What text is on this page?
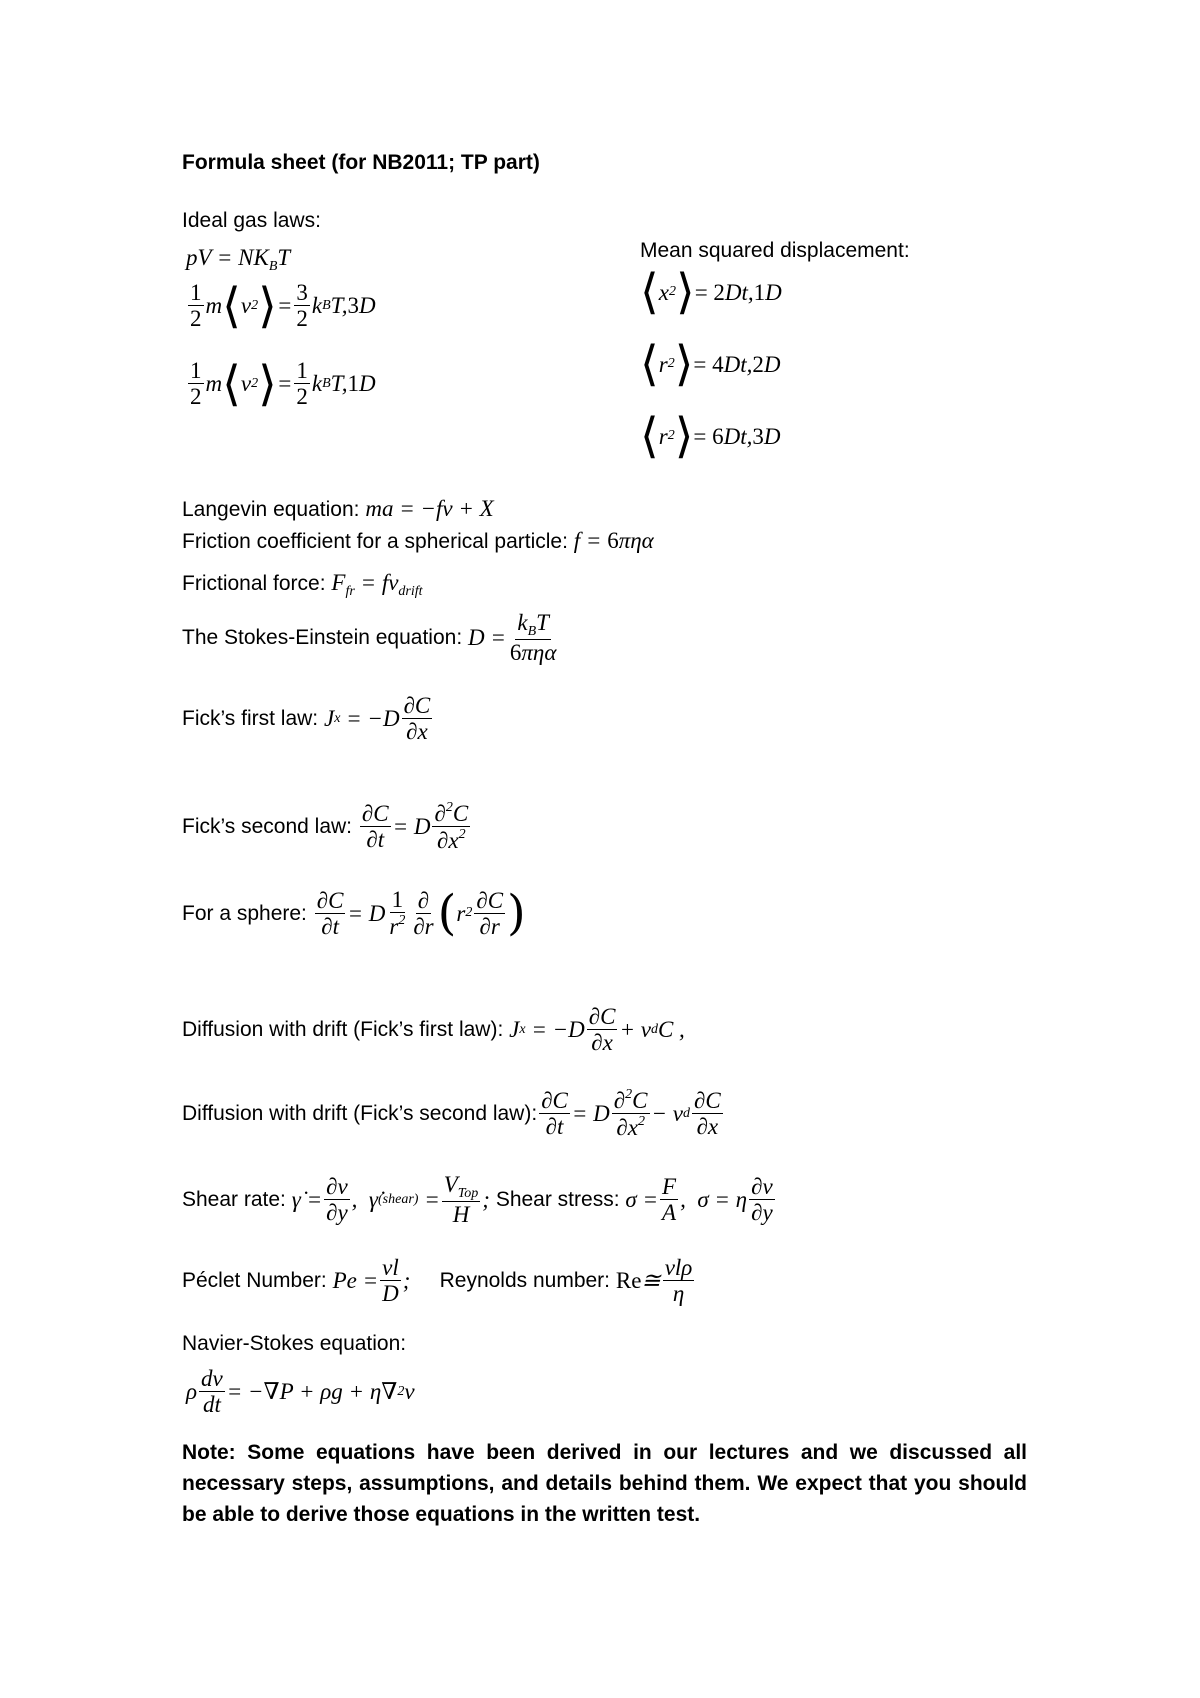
Formula sheet (for NB2011; TP part)
Ideal gas laws:
pV = $NK_BT$
$\frac{1}{2}$ m ⟨ v 2 ⟩ = $\frac{3}{2}$ k B T, 3 D
$\frac{1}{2}$ m ⟨ v 2 ⟩ = $\frac{1}{2}$ k B T, 1 D
Mean squared displacement:
⟨ x 2 ⟩ = 2 Dt, 1 D
⟨ r 2 ⟩ = 4 Dt, 2 D
⟨ r 2 ⟩ = 6 Dt, 3 D
Langevin equation: ma = −fv + X
Friction coefficient for a spherical particle: f = 6πηα
Frictional force: $F_{fr} = fv_{drift}$
The Stokes-Einstein equation:
$D = \frac{k_BT}{\text{6πηα}}$
Fick’s first law:
J $x = -D \frac{\partial C}{\partial x}$
Fick’s second law:
$\frac{\partial C}{\partial t} = D \frac{\partial^2C}{\partial x^2}$
For a sphere:
$\frac{\partial C}{\partial t} = D \frac{1}{r^2} \frac{\partial}{\partial r}$ ( r $2 \frac{\partial C}{\partial r}$ )
Diffusion with drift (Fick’s first law):
J $x = -D \frac{\partial C}{\partial x} + v$ d C ,
Diffusion with drift (Fick’s second law): $\frac{\partial C}{\partial t} = D \frac{\partial^2C}{\partial x^2} - v$ d $\frac{\partial C}{\partial x}$
Shear rate:
γ̇ = $\frac{\partial v}{\partial y}$ ,  γ̇ (shear) = $\frac{V_{Top}}{H}$ ;
Shear stress:
$\sigma = \frac{F}{A}$ ,  σ = η $\frac{\partial v}{\partial y}$
Péclet Number:
$Pe = \frac{vl}{D}$ ;
Reynolds number:
Re ≅ $\frac{\text{vlρ}}{\eta}$
Navier-Stokes equation:
ρ $\frac{dv}{dt} = -\nabla P + \rho g + \eta\nabla$ 2 v
Note: Some equations have been derived in our lectures and we discussed all necessary steps, assumptions, and details behind them. We expect that you should be able to derive those equations in the written test.
